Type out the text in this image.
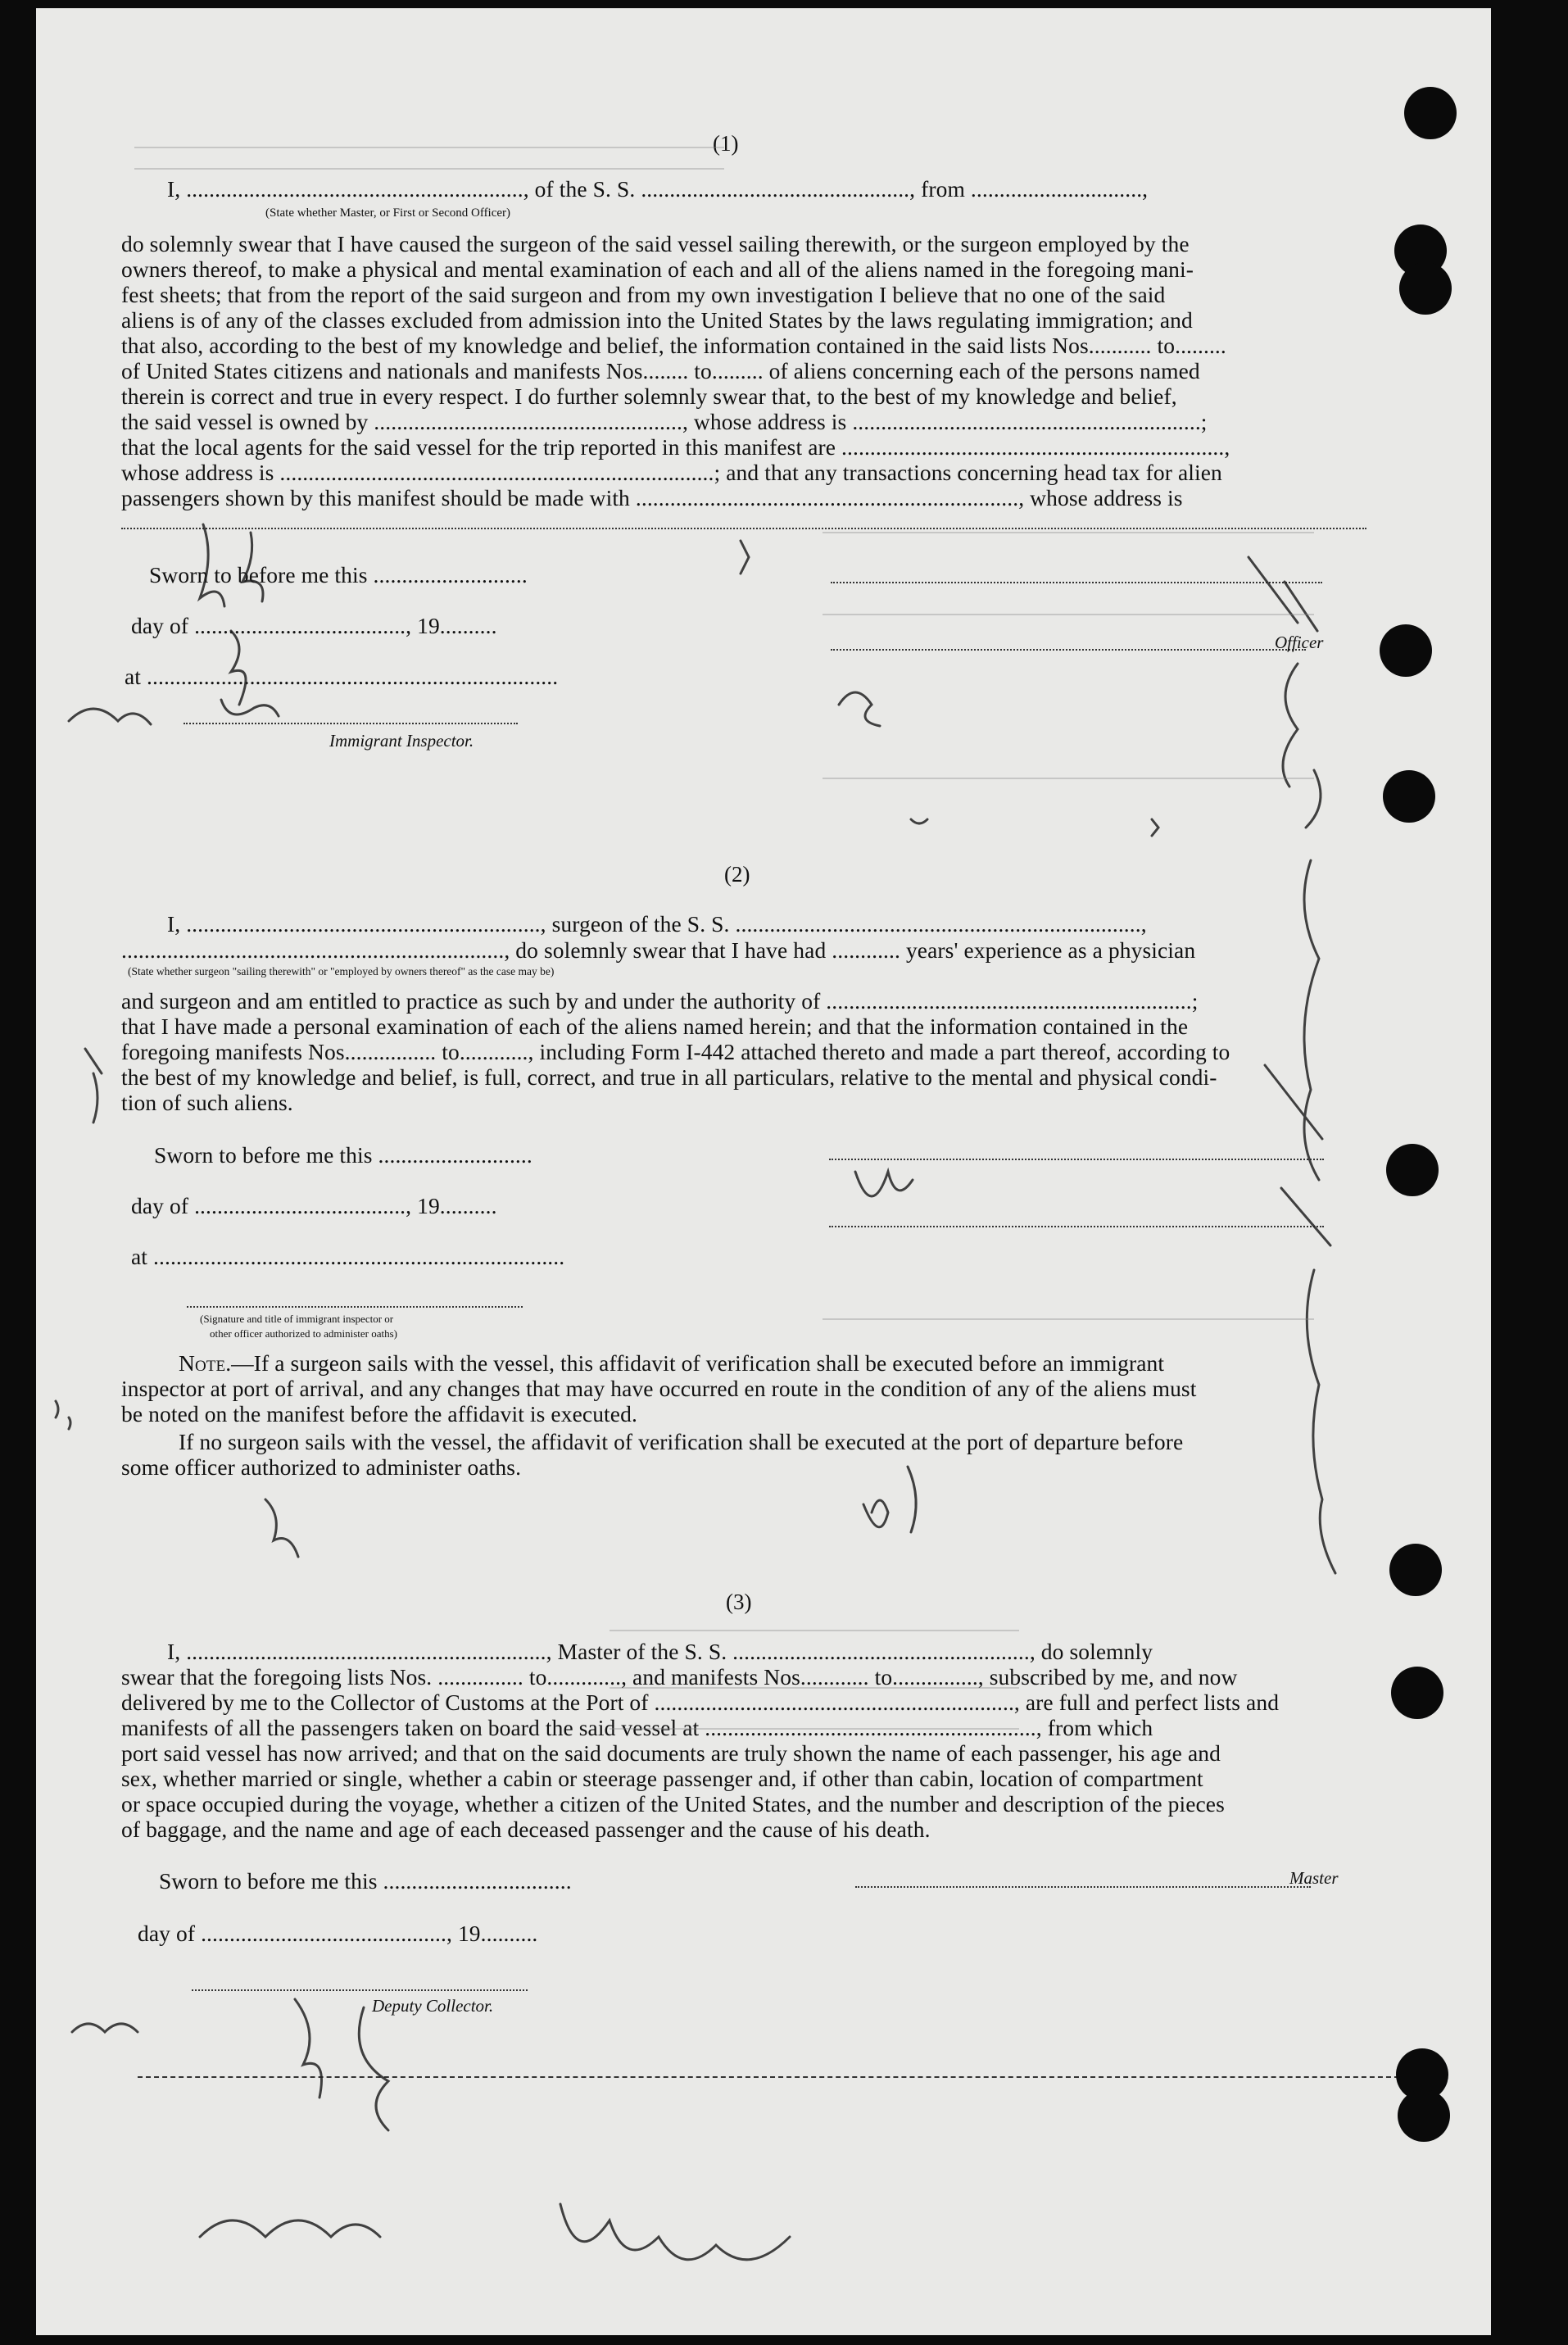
(1)
I, ..........................................................., of the S. S. ..............................................., from ..............................,
(State whether Master, or First or Second Officer)
do solemnly swear that I have caused the surgeon of the said vessel sailing therewith, or the surgeon employed by the
owners thereof, to make a physical and mental examination of each and all of the aliens named in the foregoing mani-
fest sheets; that from the report of the said surgeon and from my own investigation I believe that no one of the said
aliens is of any of the classes excluded from admission into the United States by the laws regulating immigration; and
that also, according to the best of my knowledge and belief, the information contained in the said lists Nos........... to.........
of United States citizens and nationals and manifests Nos........ to......... of aliens concerning each of the persons named
therein is correct and true in every respect. I do further solemnly swear that, to the best of my knowledge and belief,
the said vessel is owned by ......................................................, whose address is .............................................................;
that the local agents for the said vessel for the trip reported in this manifest are ...................................................................,
whose address is ............................................................................; and that any transactions concerning head tax for alien
passengers shown by this manifest should be made with ..................................................................., whose address is
Sworn to before me this ...........................
day of ....................................., 19..........
at ........................................................................
Immigrant Inspector.
Officer
(2)
I, .............................................................., surgeon of the S. S. .......................................................................,
..................................................................., do solemnly swear that I have had ............ years' experience as a physician
(State whether surgeon "sailing therewith" or "employed by owners thereof" as the case may be)
and surgeon and am entitled to practice as such by and under the authority of ................................................................;
that I have made a personal examination of each of the aliens named herein; and that the information contained in the
foregoing manifests Nos................ to............, including Form I-442 attached thereto and made a part thereof, according to
the best of my knowledge and belief, is full, correct, and true in all particulars, relative to the mental and physical condi-
tion of such aliens.
Sworn to before me this ...........................
day of ....................................., 19..........
at ........................................................................
(Signature and title of immigrant inspector or
other officer authorized to administer oaths)
Note.—If a surgeon sails with the vessel, this affidavit of verification shall be executed before an immigrant
inspector at port of arrival, and any changes that may have occurred en route in the condition of any of the aliens must
be noted on the manifest before the affidavit is executed.
If no surgeon sails with the vessel, the affidavit of verification shall be executed at the port of departure before
some officer authorized to administer oaths.
(3)
I, ..............................................................., Master of the S. S. ...................................................., do solemnly
swear that the foregoing lists Nos. ............... to............., and manifests Nos............ to..............., subscribed by me, and now
delivered by me to the Collector of Customs at the Port of ..............................................................., are full and perfect lists and
manifests of all the passengers taken on board the said vessel at .........................................................., from which
port said vessel has now arrived; and that on the said documents are truly shown the name of each passenger, his age and
sex, whether married or single, whether a cabin or steerage passenger and, if other than cabin, location of compartment
or space occupied during the voyage, whether a citizen of the United States, and the number and description of the pieces
of baggage, and the name and age of each deceased passenger and the cause of his death.
Sworn to before me this .................................
day of ..........................................., 19..........
Deputy Collector.
Master
